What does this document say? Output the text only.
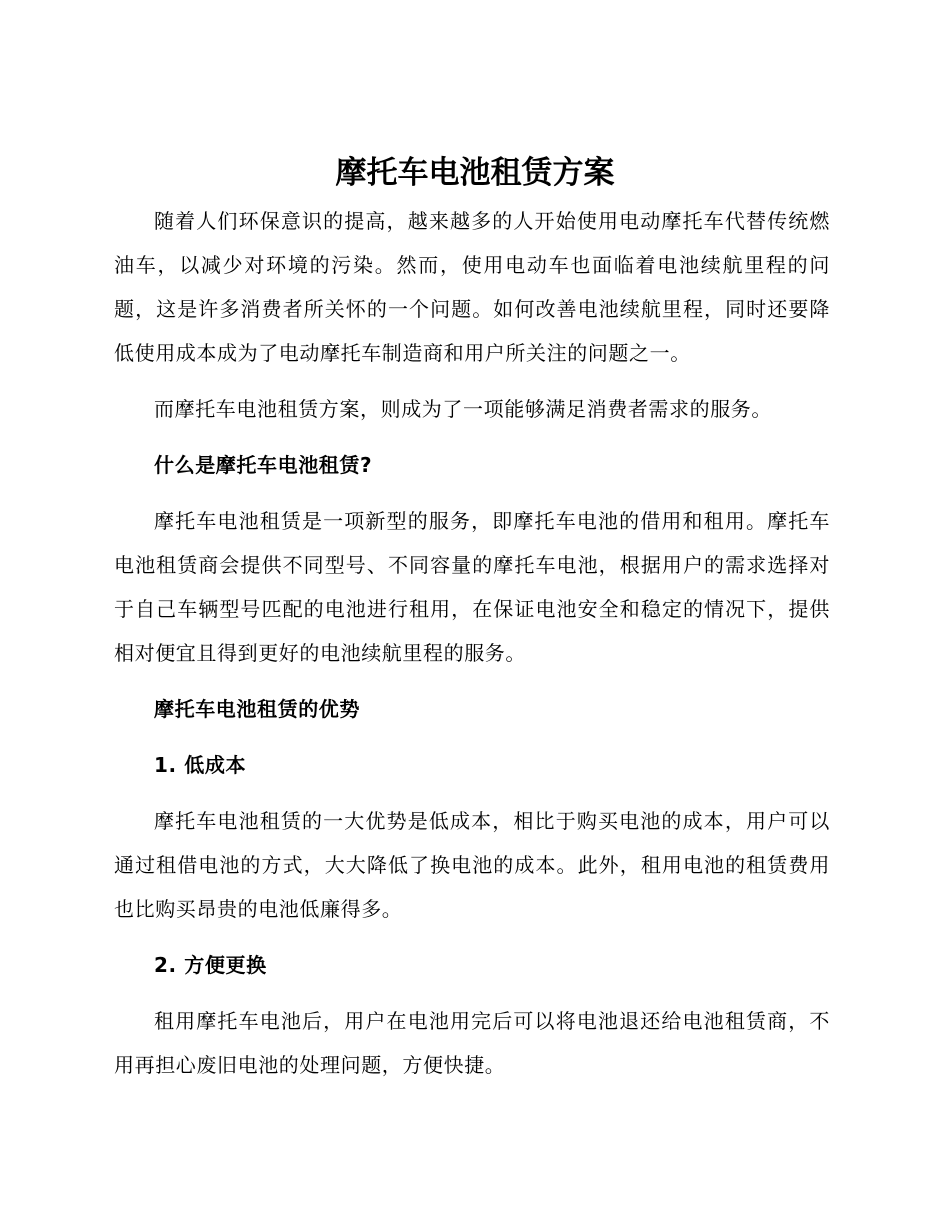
摩托车电池租赁方案

随着人们环保意识的提高，越来越多的人开始使用电动摩托车代替传统燃油车，以减少对环境的污染。然而，使用电动车也面临着电池续航里程的问题，这是许多消费者所关怀的一个问题。如何改善电池续航里程，同时还要降低使用成本成为了电动摩托车制造商和用户所关注的问题之一。

而摩托车电池租赁方案，则成为了一项能够满足消费者需求的服务。

什么是摩托车电池租赁?

摩托车电池租赁是一项新型的服务，即摩托车电池的借用和租用。摩托车电池租赁商会提供不同型号、不同容量的摩托车电池，根据用户的需求选择对于自己车辆型号匹配的电池进行租用，在保证电池安全和稳定的情况下，提供相对便宜且得到更好的电池续航里程的服务。

摩托车电池租赁的优势
1. 低成本

摩托车电池租赁的一大优势是低成本，相比于购买电池的成本，用户可以通过租借电池的方式，大大降低了换电池的成本。此外，租用电池的租赁费用也比购买昂贵的电池低廉得多。

2. 方便更换

租用摩托车电池后，用户在电池用完后可以将电池退还给电池租赁商，不用再担心废旧电池的处理问题，方便快捷。
